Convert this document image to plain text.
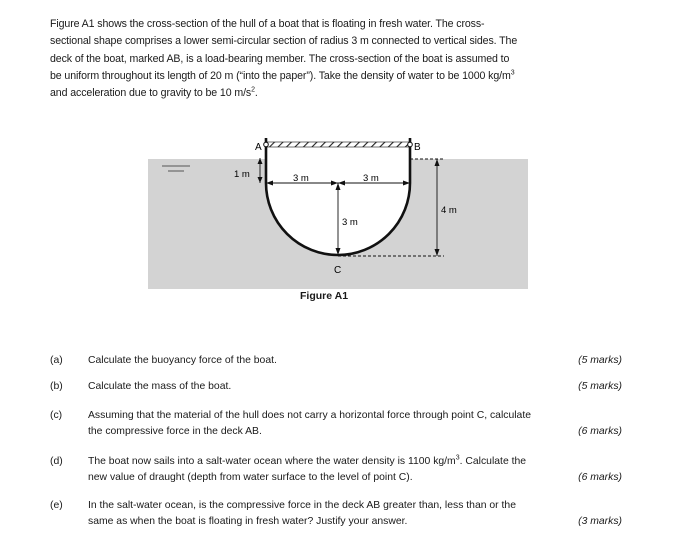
Figure A1 shows the cross-section of the hull of a boat that is floating in fresh water. The cross-
sectional shape comprises a lower semi-circular section of radius 3 m connected to vertical sides. The
deck of the boat, marked AB, is a load-bearing member. The cross-section of the boat is assumed to
be uniform throughout its length of 20 m (“into the paper”). Take the density of water to be 1000 $kg/m^3$
and acceleration due to gravity to be 10 $m/s^2$.
A	B
C
1 m	3 m	3 m
3 m
4 m
Figure A1
(a)	Calculate the buoyancy force of the boat.	(5 marks)
(b)	Calculate the mass of the boat.	(5 marks)
(c)	Assuming that the material of the hull does not carry a horizontal force through point C, calculate
the compressive force in the deck AB.	(6 marks)
(d)	The boat now sails into a salt-water ocean where the water density is 1100 $kg/m^3$. Calculate the
new value of draught (depth from water surface to the level of point C).	(6 marks)
(e)	In the salt-water ocean, is the compressive force in the deck AB greater than, less than or the
same as when the boat is floating in fresh water? Justify your answer.	(3 marks)
